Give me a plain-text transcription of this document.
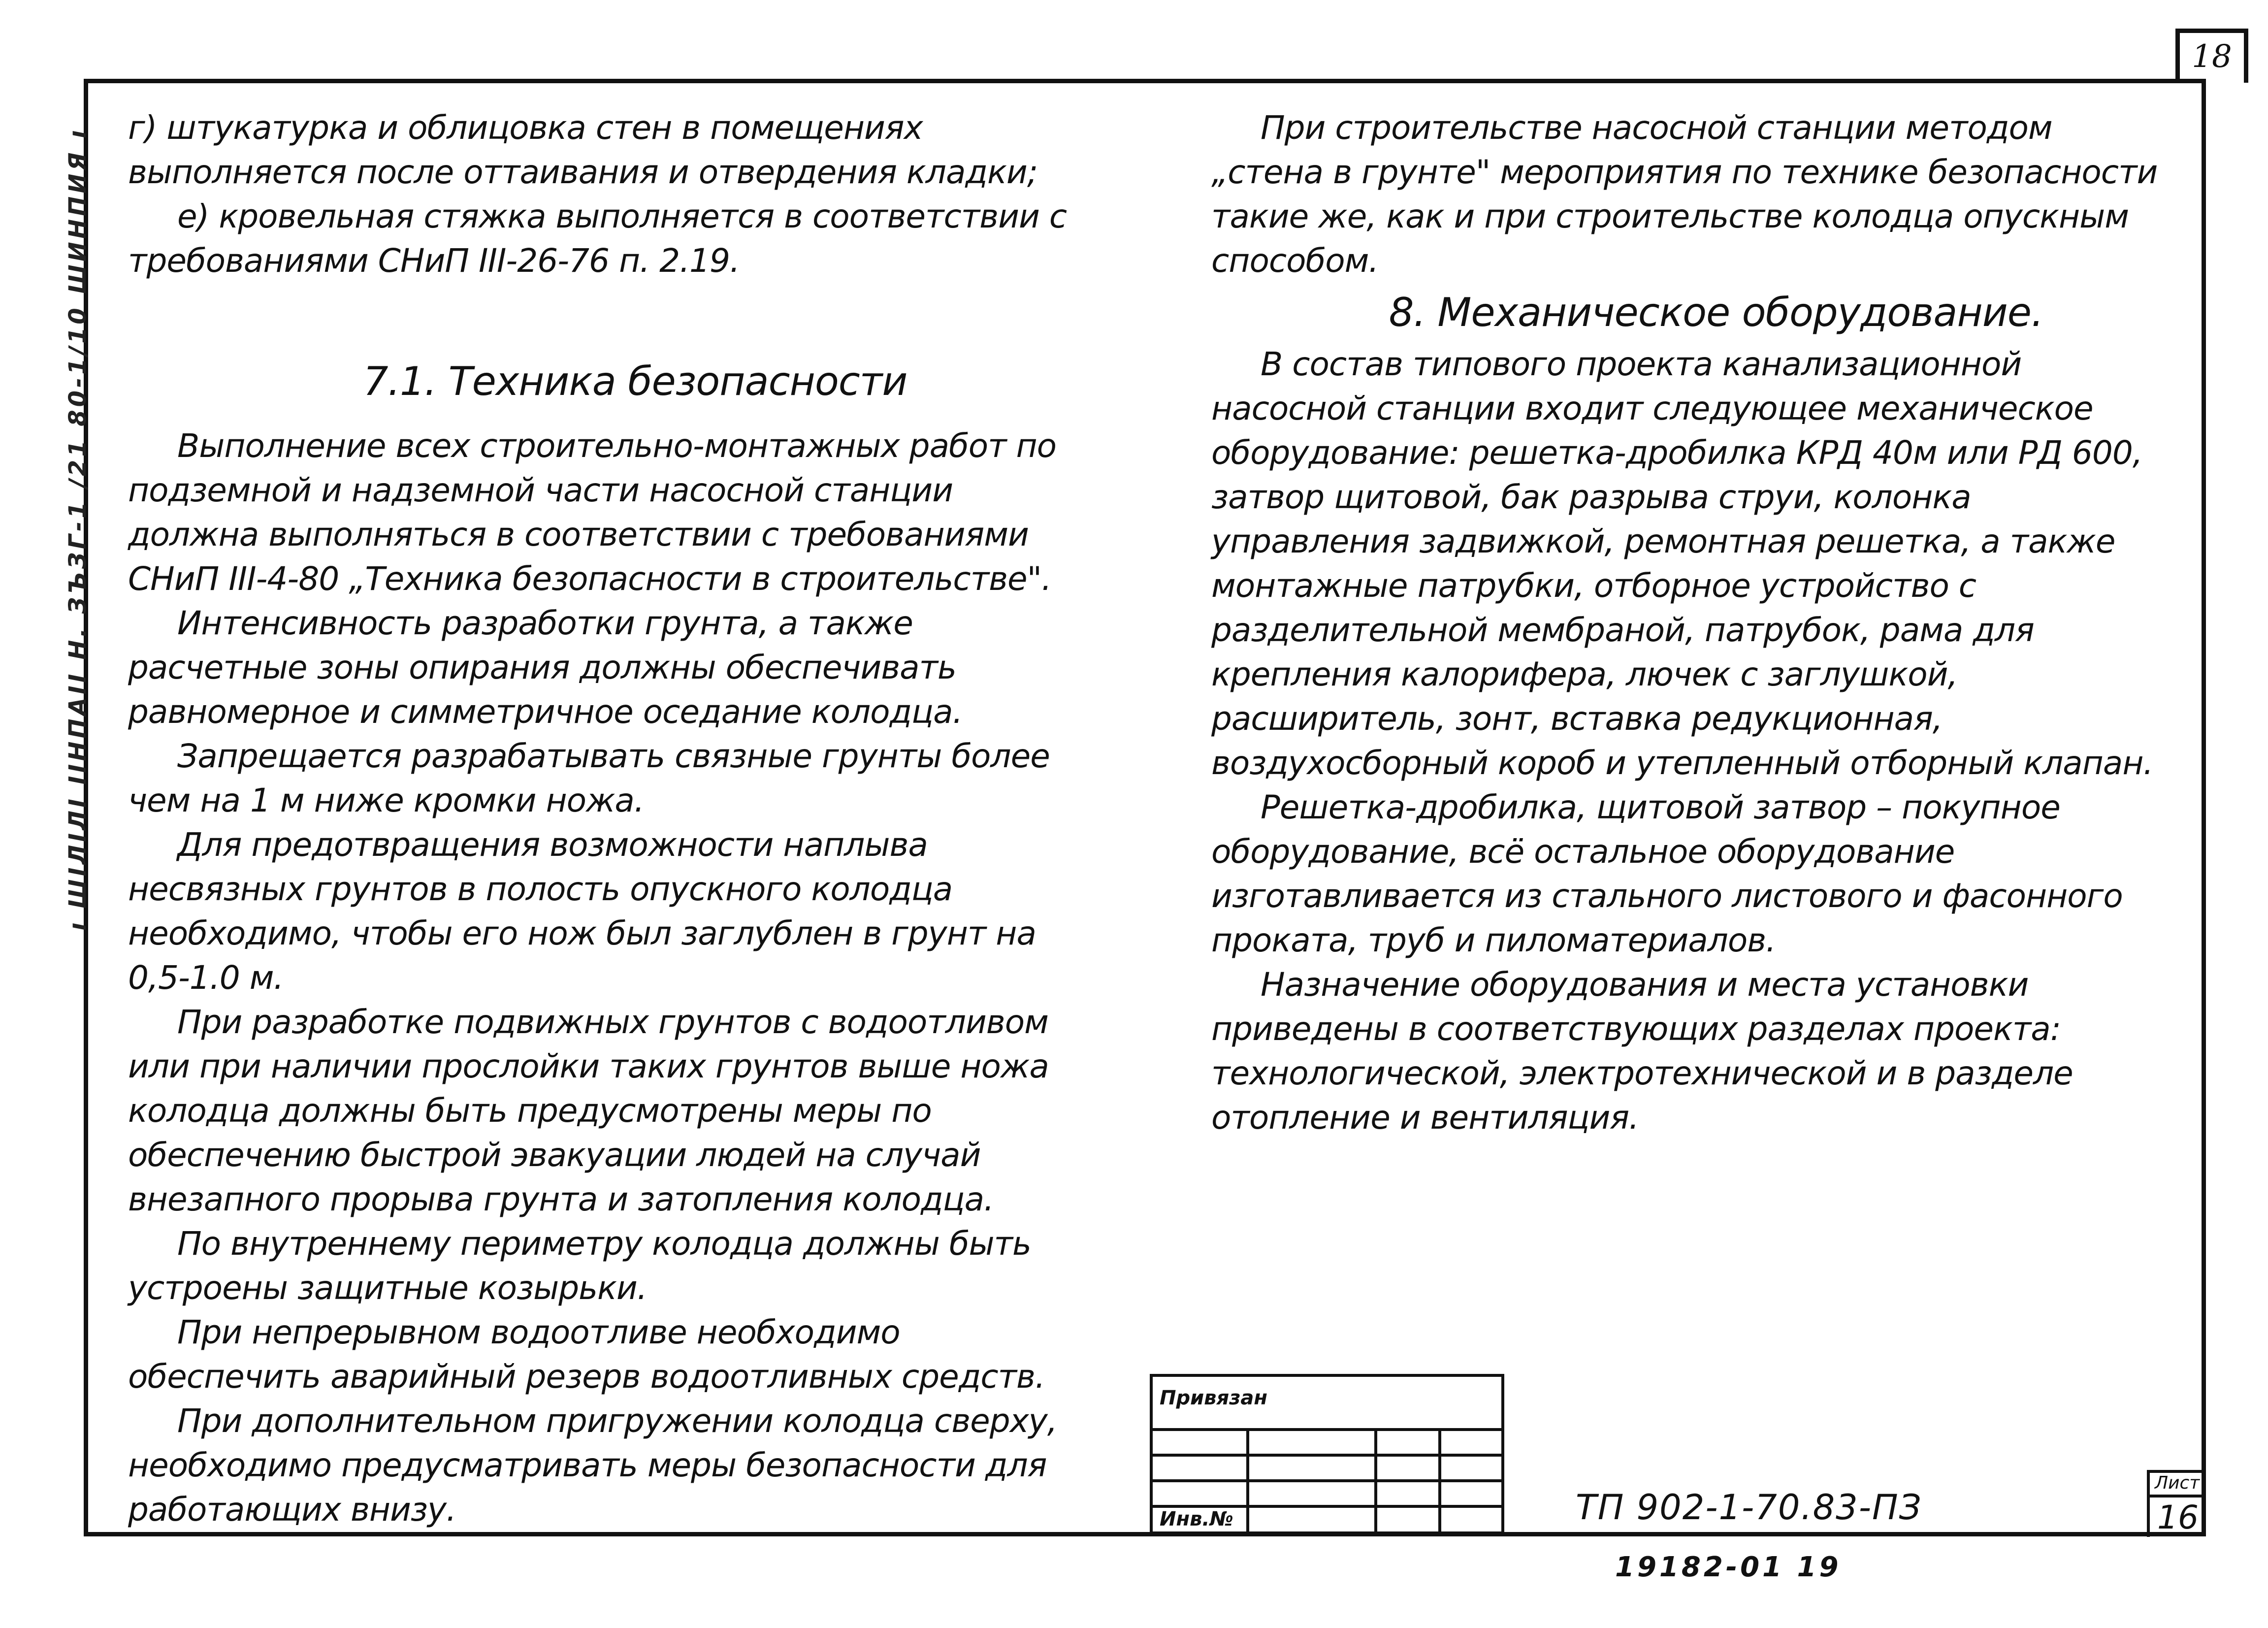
18
ı ШІЛІЛІ ІІНПАІІ Н. ЗЪЗГ-1 /21 80-1/10 ШИНПИЯ ı г) штукатурка и облицовка стен в помещениях выполняется после оттаивания и отвердения кладки;

е) кровельная стяжка выполняется в соответствии с требованиями СНиП III-26-76 п. 2.19.

7.1. Техника безопасности

Выполнение всех строительно-монтажных работ по подземной и надземной части насосной станции должна выполняться в соответствии с требованиями СНиП III-4-80 „Техника безопасности в строительстве".

Интенсивность разработки грунта, а также расчетные зоны опирания должны обеспечивать равномерное и симметричное оседание колодца.

Запрещается разрабатывать связные грунты более чем на 1 м ниже кромки ножа.

Для предотвращения возможности наплыва несвязных грунтов в полость опускного колодца необходимо, чтобы его нож был заглублен в грунт на 0,5-1.0 м.

При разработке подвижных грунтов с водоотливом или при наличии прослойки таких грунтов выше ножа колодца должны быть предусмотрены меры по обеспечению быстрой эвакуации людей на случай внезапного прорыва грунта и затопления колодца.

По внутреннему периметру колодца должны быть устроены защитные козырьки.

При непрерывном водоотливе необходимо обеспечить аварийный резерв водоотливных средств.

При дополнительном пригружении колодца сверху, необходимо предусматривать меры безопасности для работающих внизу.

При строительстве насосной станции методом „стена в грунте" мероприятия по технике безопасности такие же, как и при строительстве колодца опускным способом.

8. Механическое оборудование.

В состав типового проекта канализационной насосной станции входит следующее механическое оборудование: решетка-дробилка КРД 40м или РД 600, затвор щитовой, бак разрыва струи, колонка управления задвижкой, ремонтная решетка, а также монтажные патрубки, отборное устройство с разделительной мембраной, патрубок, рама для крепления калорифера, лючек с заглушкой, расширитель, зонт, вставка редукционная, воздухосборный короб и утепленный отборный клапан.

Решетка-дробилка, щитовой затвор – покупное оборудование, всё остальное оборудование изготавливается из стального листового и фасонного проката, труб и пиломатериалов.

Назначение оборудования и места установки приведены в соответствующих разделах проекта: технологической, электротехнической и в разделе отопление и вентиляция.

Привязан
Инв.№	ТП 902-1-70.83-ПЗ
Лист
16
19182-01 19
